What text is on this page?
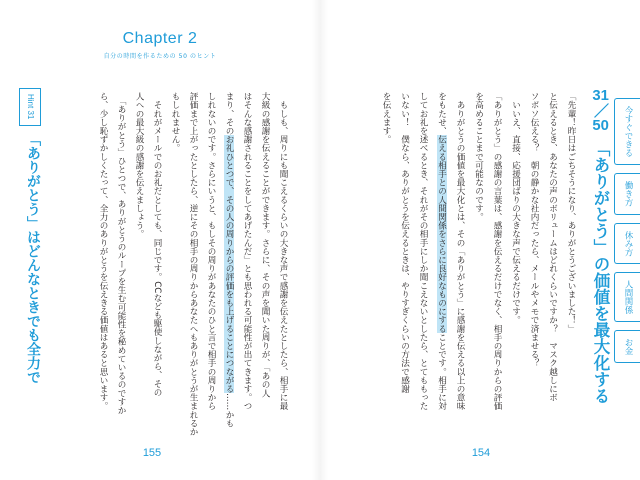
Chapter 2
自分の時間を作るための 50 のヒント
Hint 31
「ありがとう」はどんなときでも全力で	　もしも、周りにも聞こえるくらいの大きな声で感謝を伝えたとしたら、相手に最
大級の感謝を伝えることができます。さらに、その声を聞いた周りが、「あの人
はそんな感謝されることをしてあげたんだ」とも思われる可能性が出てきます。つ
まり、そのお礼ひとつで、その人の周りからの評価をも上げることにつながる……かも
しれないのです。さらにいうと、もしその周りがあなたのひと言で相手の周りから
評価まで上がったとしたら、逆にその相手の周りからあなたへもありがとうが生まれるか
もしれません。
　それがメールでのお礼だとしても、同じです。CCなども駆使しながら、その
人への最大級の感謝を伝えましょう。
　「ありがとう」ひとつで、ありがとうのループを生む可能性を秘めているのですか
ら、少し恥ずかしくたって、全力のありがとうを伝えきる価値はあると思います。
155
31／50
「ありがとう」の価値を最大化する
「先輩！昨日はごちそうになり、ありがとうございました！」
と伝えるとき、あなたの声のボリュームはどれくらいですか？　マスク越しにボ
ソボソ伝える？　朝の静かな社内だったら、メールやメモで済ませる？
　いいえ、直接、応援団ばりの大きな声で伝えるだけです。
「ありがとう」の感謝の言葉は、感謝を伝えるだけでなく、相手の周りからの評価
を高めることまで可能なのです。
　ありがとうの価値を最大化とは、その「ありがとう」に感謝を伝える以上の意味
をもたせ、伝える相手との人間関係をさらに良好なものにすることです。相手に対
してお礼を述べるとき、それがその相手にしか聞こえないとしたら、とてももった
いない！　僕なら、ありがとうを伝えるときは、やりすぎくらいの方法で感謝
を伝えます。
154
今すぐできる
働き方
休み方
人間関係
お金
